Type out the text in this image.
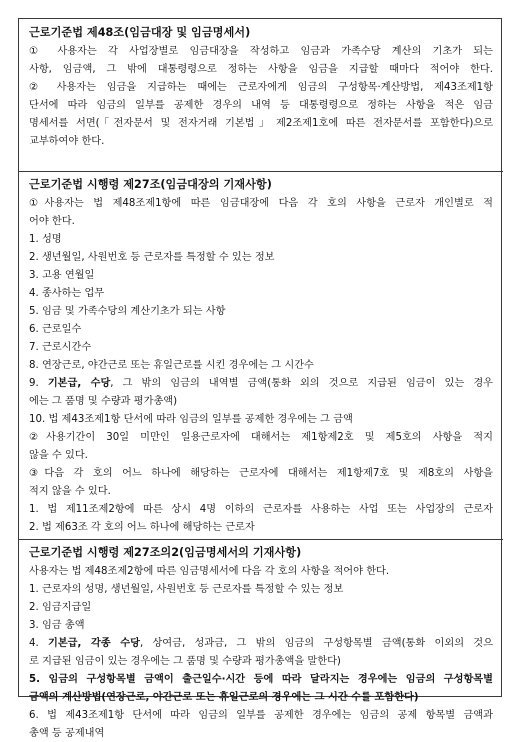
근로기준법 제48조(임금대장 및 임금명세서)
① 사용자는 각 사업장별로 임금대장을 작성하고 임금과 가족수당 계산의 기초가 되는
사항, 임금액, 그 밖에 대통령령으로 정하는 사항을 임금을 지급할 때마다 적어야 한다.
② 사용자는 임금을 지급하는 때에는 근로자에게 임금의 구성항목·계산방법, 제43조제1항
단서에 따라 임금의 일부를 공제한 경우의 내역 등 대통령령으로 정하는 사항을 적은 임금
명세서를 서면(｢전자문서 및 전자거래 기본법｣ 제2조제1호에 따른 전자문서를 포함한다)으로
교부하여야 한다.
근로기준법 시행령 제27조(임금대장의 기재사항)
①사용자는 법 제48조제1항에 따른 임금대장에 다음 각 호의 사항을 근로자 개인별로 적
어야 한다.
1. 성명
2. 생년월일, 사원번호 등 근로자를 특정할 수 있는 정보
3. 고용 연월일
4. 종사하는 업무
5. 임금 및 가족수당의 계산기초가 되는 사항
6. 근로일수
7. 근로시간수
8. 연장근로, 야간근로 또는 휴일근로를 시킨 경우에는 그 시간수
9. 기본급, 수당, 그 밖의 임금의 내역별 금액(통화 외의 것으로 지급된 임금이 있는 경우
에는 그 품명 및 수량과 평가총액)
10. 법 제43조제1항 단서에 따라 임금의 일부를 공제한 경우에는 그 금액
②사용기간이 30일 미만인 일용근로자에 대해서는 제1항제2호 및 제5호의 사항을 적지
않을 수 있다.
③다음 각 호의 어느 하나에 해당하는 근로자에 대해서는 제1항제7호 및 제8호의 사항을
적지 않을 수 있다.
1. 법 제11조제2항에 따른 상시 4명 이하의 근로자를 사용하는 사업 또는 사업장의 근로자
2. 법 제63조 각 호의 어느 하나에 해당하는 근로자
근로기준법 시행령 제27조의2(임금명세서의 기재사항)
사용자는 법 제48조제2항에 따른 임금명세서에 다음 각 호의 사항을 적어야 한다.
1. 근로자의 성명, 생년월일, 사원번호 등 근로자를 특정할 수 있는 정보
2. 임금지급일
3. 임금 총액
4. 기본급, 각종 수당, 상여금, 성과금, 그 밖의 임금의 구성항목별 금액(통화 이외의 것으
로 지급된 임금이 있는 경우에는 그 품명 및 수량과 평가총액을 말한다)
5. 임금의 구성항목별 금액이 출근일수·시간 등에 따라 달라지는 경우에는 임금의 구성항목별
금액의 계산방법(연장근로, 야간근로 또는 휴일근로의 경우에는 그 시간 수를 포함한다)
6. 법 제43조제1항 단서에 따라 임금의 일부를 공제한 경우에는 임금의 공제 항목별 금액과
총액 등 공제내역
